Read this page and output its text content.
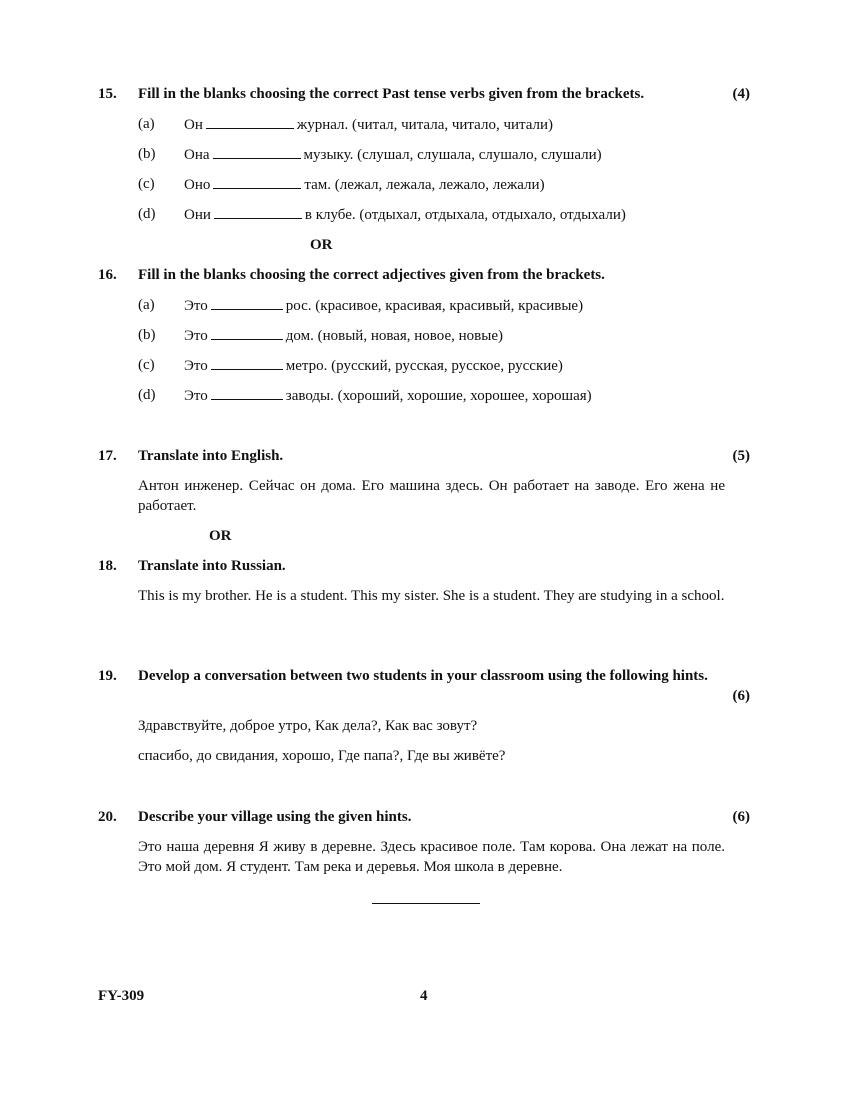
15. Fill in the blanks choosing the correct Past tense verbs given from the brackets.	(4)
(a) Он	журнал. (читал, читала, читало, читали)
(b) Она	музыку. (слушал, слушала, слушало, слушали)
(c) Оно	там. (лежал, лежала, лежало, лежали)
(d) Они	в клубе. (отдыхал, отдыхала, отдыхало, отдыхали)
OR
16. Fill in the blanks choosing the correct adjectives given from the brackets.
(a) Это	рос. (красивое, красивая, красивый, красивые)
(b) Это	дом. (новый, новая, новое, новые)
(c) Это	метро. (русский, русская, русское, русские)
(d) Это	заводы. (хороший, хорошие, хорошее, хорошая)
17. Translate into English.	(5)
Антон инженер. Сейчас он дома. Его машина здесь. Он работает на заводе. Его жена не работает.
OR
18. Translate into Russian.
This is my brother. He is a student. This my sister. She is a student. They are studying in a school.
19. Develop a conversation between two students in your classroom using the following hints.
(6)
Здравствуйте, доброе утро, Как дела?, Как вас зовут?
спасибо, до свидания, хорошо, Где папа?, Где вы живёте?
20. Describe your village using the given hints.	(6)
Это наша деревня Я живу в деревне. Здесь красивое поле. Там корова. Она лежат на поле. Это мой дом. Я студент. Там река и деревья. Моя школа в деревне.
FY-309	4
